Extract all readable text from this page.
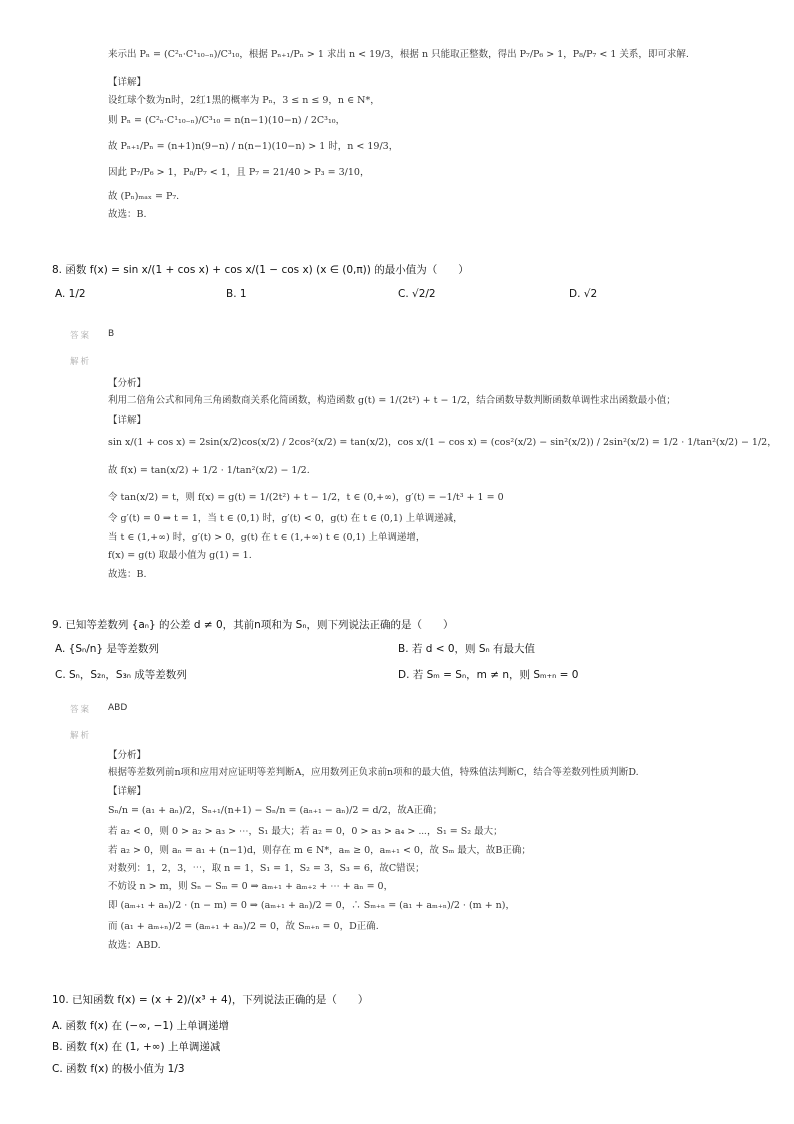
来示出 Pₙ = (C²ₙ·C¹₁₀₋ₙ)/C³₁₀，根据 Pₙ₊₁/Pₙ > 1 求出 n < 19/3，根据 n 只能取正整数，得出 P₇/P₆ > 1，P₈/P₇ < 1 关系，即可求解.
【详解】
设红球个数为n时，2红1黑的概率为 Pₙ，3 ≤ n ≤ 9，n ∈ N*，
则 Pₙ = (C²ₙ·C¹₁₀₋ₙ)/C³₁₀ = n(n−1)(10−n) / 2C³₁₀，
故 Pₙ₊₁/Pₙ = (n+1)n(9−n) / n(n−1)(10−n) > 1 时，n < 19/3，
因此 P₇/P₆ > 1，P₈/P₇ < 1，且 P₇ = 21/40 > P₃ = 3/10，
故 (Pₙ)ₘₐₓ = P₇.
故选：B.
8. 函数 f(x) = sin x/(1 + cos x) + cos x/(1 − cos x) (x ∈ (0,π)) 的最小值为（　　）
A. 1/2	B. 1	C. √2/2	D. √2
答案 B
解析
【分析】
利用二倍角公式和同角三角函数商关系化简函数，构造函数 g(t) = 1/(2t²) + t − 1/2，结合函数导数判断函数单调性求出函数最小值；
【详解】
sin x/(1 + cos x) = 2sin(x/2)cos(x/2) / 2cos²(x/2) = tan(x/2)，cos x/(1 − cos x) = (cos²(x/2) − sin²(x/2)) / 2sin²(x/2) = 1/2 · 1/tan²(x/2) − 1/2，
故 f(x) = tan(x/2) + 1/2 · 1/tan²(x/2) − 1/2.
令 tan(x/2) = t，则 f(x) = g(t) = 1/(2t²) + t − 1/2，t ∈ (0,+∞)，g′(t) = −1/t³ + 1 = 0
令 g′(t) = 0 ⇒ t = 1，当 t ∈ (0,1) 时，g′(t) < 0，g(t) 在 t ∈ (0,1) 上单调递减，
当 t ∈ (1,+∞) 时，g′(t) > 0，g(t) 在 t ∈ (1,+∞) t ∈ (0,1) 上单调递增，
f(x) = g(t) 取最小值为 g(1) = 1.
故选：B.
9. 已知等差数列 {aₙ} 的公差 d ≠ 0，其前n项和为 Sₙ，则下列说法正确的是（　　）
A. {Sₙ/n} 是等差数列	B. 若 d < 0，则 Sₙ 有最大值
C. Sₙ，S₂ₙ，S₃ₙ 成等差数列	D. 若 Sₘ = Sₙ，m ≠ n，则 Sₘ₊ₙ = 0
答案 ABD
解析
【分析】
根据等差数列前n项和应用对应证明等差判断A，应用数列正负求前n项和的最大值，特殊值法判断C，结合等差数列性质判断D.
【详解】
Sₙ/n = (a₁ + aₙ)/2，Sₙ₊₁/(n+1) − Sₙ/n = (aₙ₊₁ − aₙ)/2 = d/2，故A正确；
若 a₂ < 0，则 0 > a₂ > a₃ > ⋯，S₁ 最大；若 a₂ = 0，0 > a₃ > a₄ > ⋯，S₁ = S₂ 最大；
若 a₂ > 0，则 aₙ = a₁ + (n−1)d，则存在 m ∈ N*，aₘ ≥ 0，aₘ₊₁ < 0，故 Sₘ 最大，故B正确；
对数列：1，2，3，⋯，取 n = 1，S₁ = 1，S₂ = 3，S₃ = 6，故C错误；
不妨设 n > m，则 Sₙ − Sₘ = 0 ⇒ aₘ₊₁ + aₘ₊₂ + ⋯ + aₙ = 0，
即 (aₘ₊₁ + aₙ)/2 · (n − m) = 0 ⇒ (aₘ₊₁ + aₙ)/2 = 0，∴ Sₘ₊ₙ = (a₁ + aₘ₊ₙ)/2 · (m + n)，
而 (a₁ + aₘ₊ₙ)/2 = (aₘ₊₁ + aₙ)/2 = 0，故 Sₘ₊ₙ = 0，D正确.
故选：ABD.
10. 已知函数 f(x) = (x + 2)/(x³ + 4)，下列说法正确的是（　　）
A. 函数 f(x) 在 (−∞, −1) 上单调递增
B. 函数 f(x) 在 (1, +∞) 上单调递减
C. 函数 f(x) 的极小值为 1/3
